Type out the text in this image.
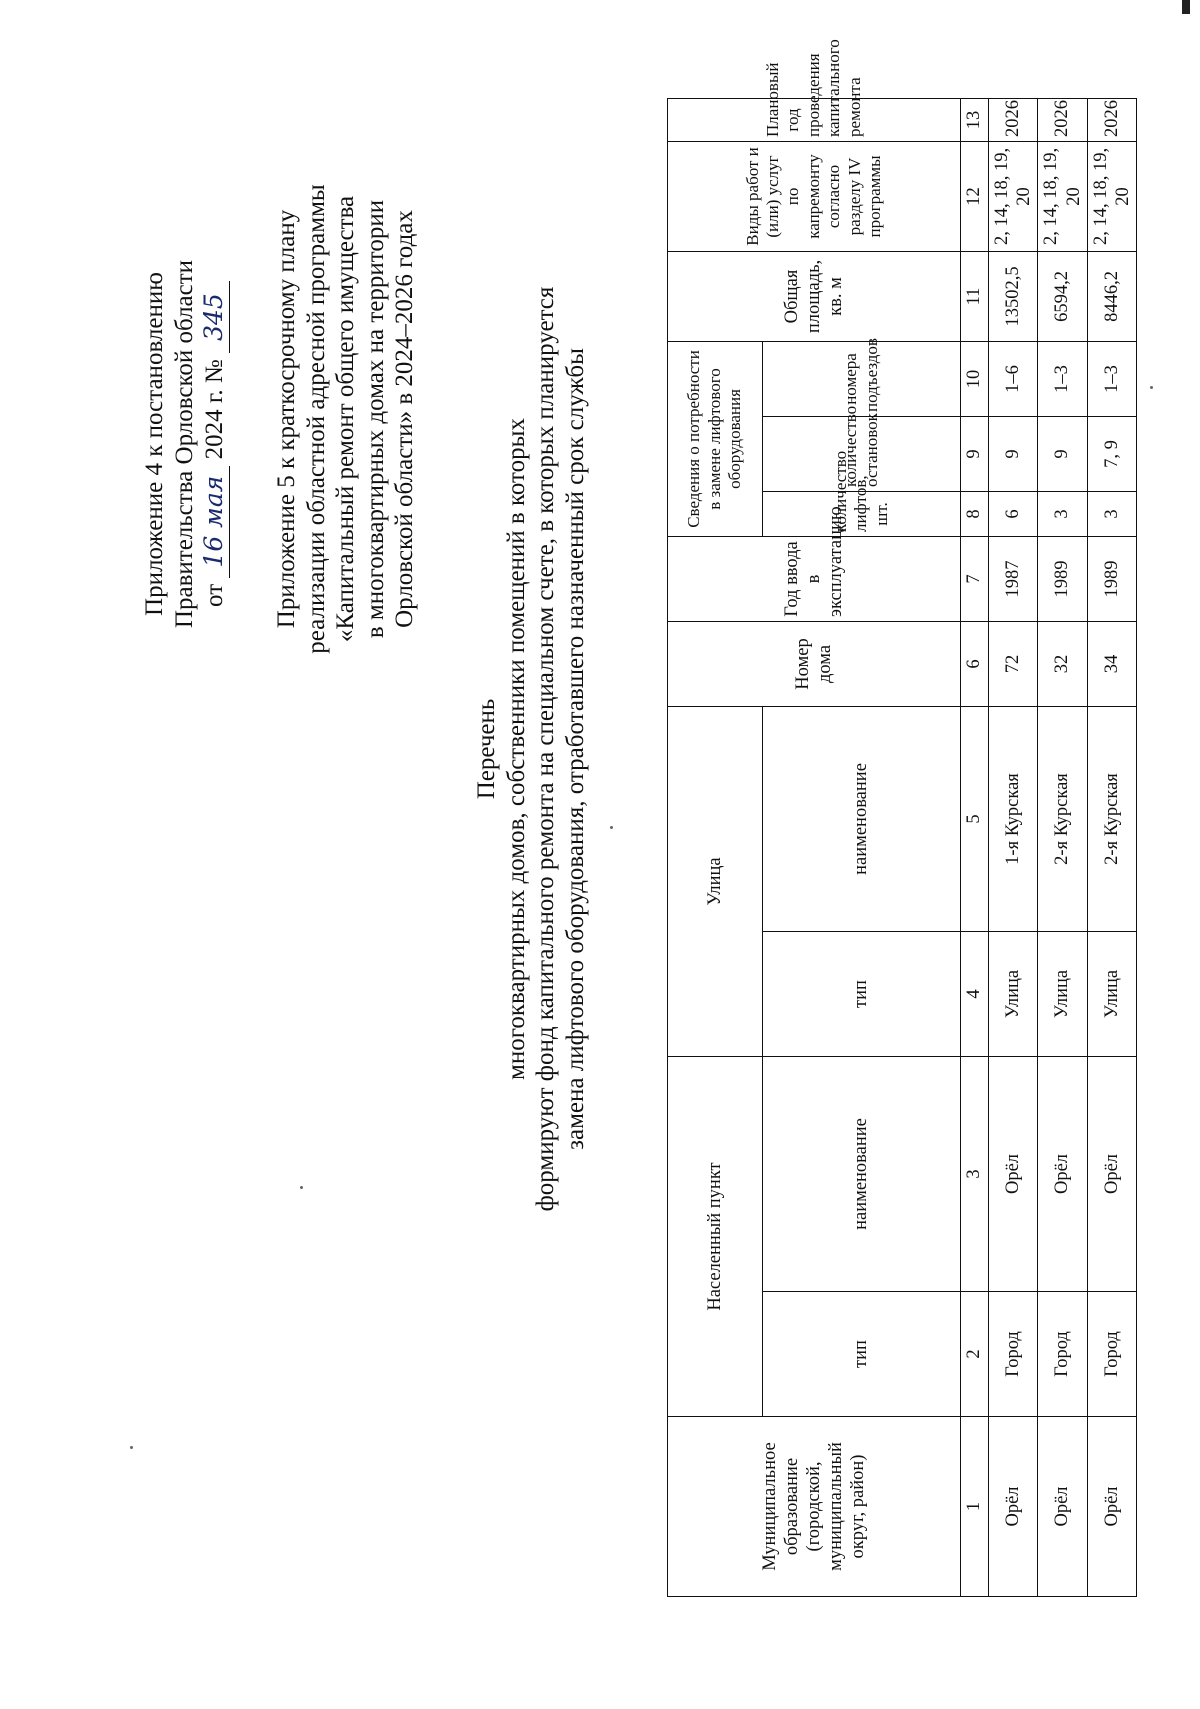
Приложение 4 к постановлению Правительства Орловской области от 16 мая 2024 г. № 345 Приложение 5 к краткосрочному плану реализации областной адресной программы «Капитальный ремонт общего имущества в многоквартирных домах на территории Орловской области» в 2024–2026 годах
Перечень многоквартирных домов, собственники помещений в которых формируют фонд капитального ремонта на специальном счете, в которых планируется замена лифтового оборудования, отработавшего назначенный срок службы
Муниципальное образование (городской, муниципальный округ, район)	Населенный пункт		Улица		Номер дома	Год ввода в эксплуатацию	Сведения о потребности в замене лифтового оборудования			Общая площадь, кв. м	Виды работ и (или) услуг по капремонту согласно разделу IV программы	Плановый год проведения капитального ремонта
	тип	наименование	тип	наименование			количество лифтов, шт.	количество остановок	номера подъездов			
1	2	3	4	5	6	7	8	9	10	11	12	13
Орёл	Город	Орёл	Улица	1-я Курская	72	1987	6	9	1–6	13502,5	2, 14, 18, 19, 20	2026
Орёл	Город	Орёл	Улица	2-я Курская	32	1989	3	9	1–3	6594,2	2, 14, 18, 19, 20	2026
Орёл	Город	Орёл	Улица	2-я Курская	34	1989	3	7, 9	1–3	8446,2	2, 14, 18, 19, 20	2026
